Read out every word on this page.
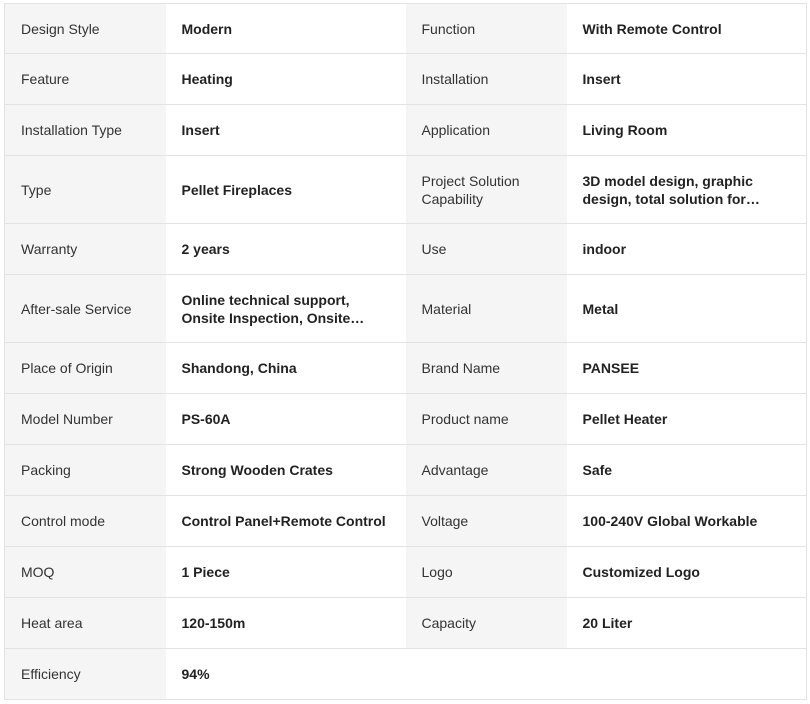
Design Style	Modern	Function	With Remote Control
Feature	Heating	Installation	Insert
Installation Type	Insert	Application	Living Room
Type	Pellet Fireplaces	Project Solution Capability	3D model design, graphic design, total solution for…

Warranty	2 years	Use	indoor
After-sale Service	Online technical support, Onsite Inspection, Onsite…	Material	Metal
Place of Origin	Shandong, China	Brand Name	PANSEE
Model Number	PS-60A	Product name	Pellet Heater
Packing	Strong Wooden Crates	Advantage	Safe
Control mode	Control Panel+Remote Control	Voltage	100-240V Global Workable
MOQ	1 Piece	Logo	Customized Logo
Heat area	120-150m	Capacity	20 Liter
Efficiency	94%		
